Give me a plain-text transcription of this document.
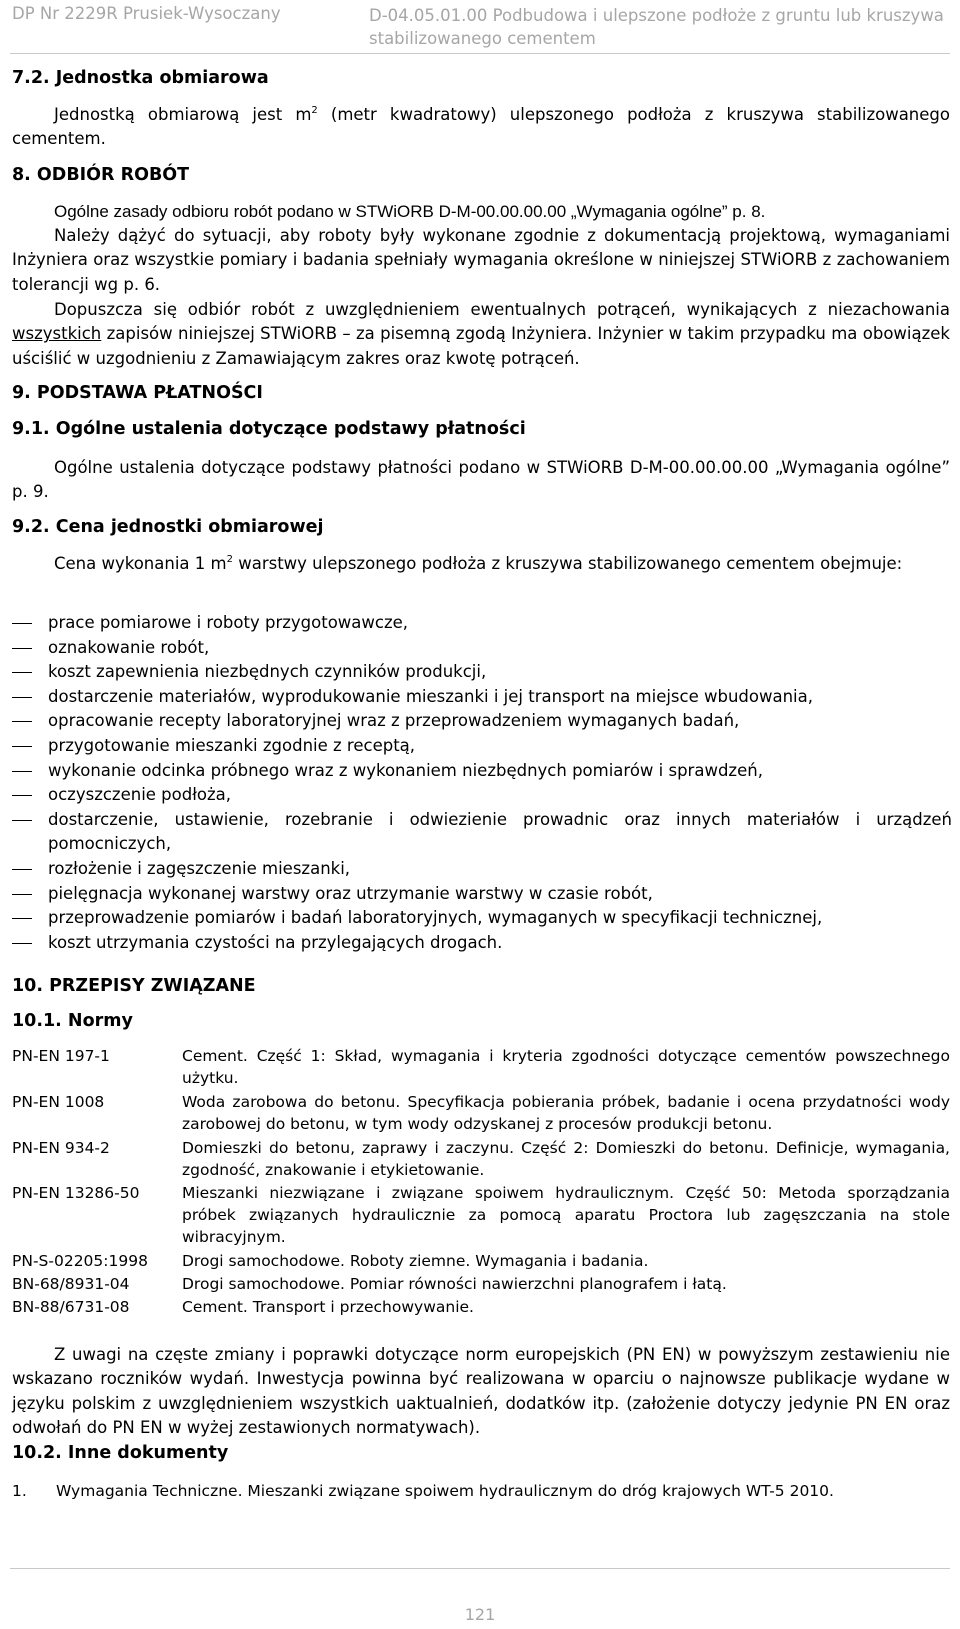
DP Nr 2229R Prusiek-Wysoczany	D-04.05.01.00 Podbudowa i ulepszone podłoże z gruntu lub kruszywa stabilizowanego cementem
7.2. Jednostka obmiarowa
Jednostką obmiarową jest $m^2$ (metr kwadratowy) ulepszonego podłoża z kruszywa stabilizowanego cementem.
8. ODBIÓR ROBÓT
Ogólne zasady odbioru robót podano w STWiORB D-M-00.00.00.00 „Wymagania ogólne” p. 8.
Należy dążyć do sytuacji, aby roboty były wykonane zgodnie z dokumentacją projektową, wymaganiami Inżyniera oraz wszystkie pomiary i badania spełniały wymagania określone w niniejszej STWiORB z zachowaniem tolerancji wg p. 6.
Dopuszcza się odbiór robót z uwzględnieniem ewentualnych potrąceń, wynikających z niezachowania wszystkich zapisów niniejszej STWiORB – za pisemną zgodą Inżyniera. Inżynier w takim przypadku ma obowiązek uściślić w uzgodnieniu z Zamawiającym zakres oraz kwotę potrąceń.
9. PODSTAWA PŁATNOŚCI
9.1. Ogólne ustalenia dotyczące podstawy płatności
Ogólne ustalenia dotyczące podstawy płatności podano w STWiORB D-M-00.00.00.00 „Wymagania ogólne” p. 9.
9.2. Cena jednostki obmiarowej
Cena wykonania 1 $m^2$ warstwy ulepszonego podłoża z kruszywa stabilizowanego cementem obejmuje:
prace pomiarowe i roboty przygotowawcze,
oznakowanie robót,
koszt zapewnienia niezbędnych czynników produkcji,
dostarczenie materiałów, wyprodukowanie mieszanki i jej transport na miejsce wbudowania,
opracowanie recepty laboratoryjnej wraz z przeprowadzeniem wymaganych badań,
przygotowanie mieszanki zgodnie z receptą,
wykonanie odcinka próbnego wraz z wykonaniem niezbędnych pomiarów i sprawdzeń,
oczyszczenie podłoża,
dostarczenie, ustawienie, rozebranie i odwiezienie prowadnic oraz innych materiałów i urządzeń pomocniczych,
rozłożenie i zagęszczenie mieszanki,
pielęgnacja wykonanej warstwy oraz utrzymanie warstwy w czasie robót,
przeprowadzenie pomiarów i badań laboratoryjnych, wymaganych w specyfikacji technicznej,
koszt utrzymania czystości na przylegających drogach.
10. PRZEPISY ZWIĄZANE
10.1. Normy
PN-EN 197-1	Cement. Część 1: Skład, wymagania i kryteria zgodności dotyczące cementów powszechnego użytku.
PN-EN 1008	Woda zarobowa do betonu. Specyfikacja pobierania próbek, badanie i ocena przydatności wody zarobowej do betonu, w tym wody odzyskanej z procesów produkcji betonu.
PN-EN 934-2	Domieszki do betonu, zaprawy i zaczynu. Część 2: Domieszki do betonu. Definicje, wymagania, zgodność, znakowanie i etykietowanie.
PN-EN 13286-50	Mieszanki niezwiązane i związane spoiwem hydraulicznym. Część 50: Metoda sporządzania próbek związanych hydraulicznie za pomocą aparatu Proctora lub zagęszczania na stole wibracyjnym.
PN-S-02205:1998 Drogi samochodowe. Roboty ziemne. Wymagania i badania.
BN-68/8931-04	Drogi samochodowe. Pomiar równości nawierzchni planografem i łatą.
BN-88/6731-08	Cement. Transport i przechowywanie.
Z uwagi na częste zmiany i poprawki dotyczące norm europejskich (PN EN) w powyższym zestawieniu nie wskazano roczników wydań. Inwestycja powinna być realizowana w oparciu o najnowsze publikacje wydane w języku polskim z uwzględnieniem wszystkich uaktualnień, dodatków itp. (założenie dotyczy jedynie PN EN oraz odwołań do PN EN w wyżej zestawionych normatywach).
10.2. Inne dokumenty
1. Wymagania Techniczne. Mieszanki związane spoiwem hydraulicznym do dróg krajowych WT-5 2010.
121
